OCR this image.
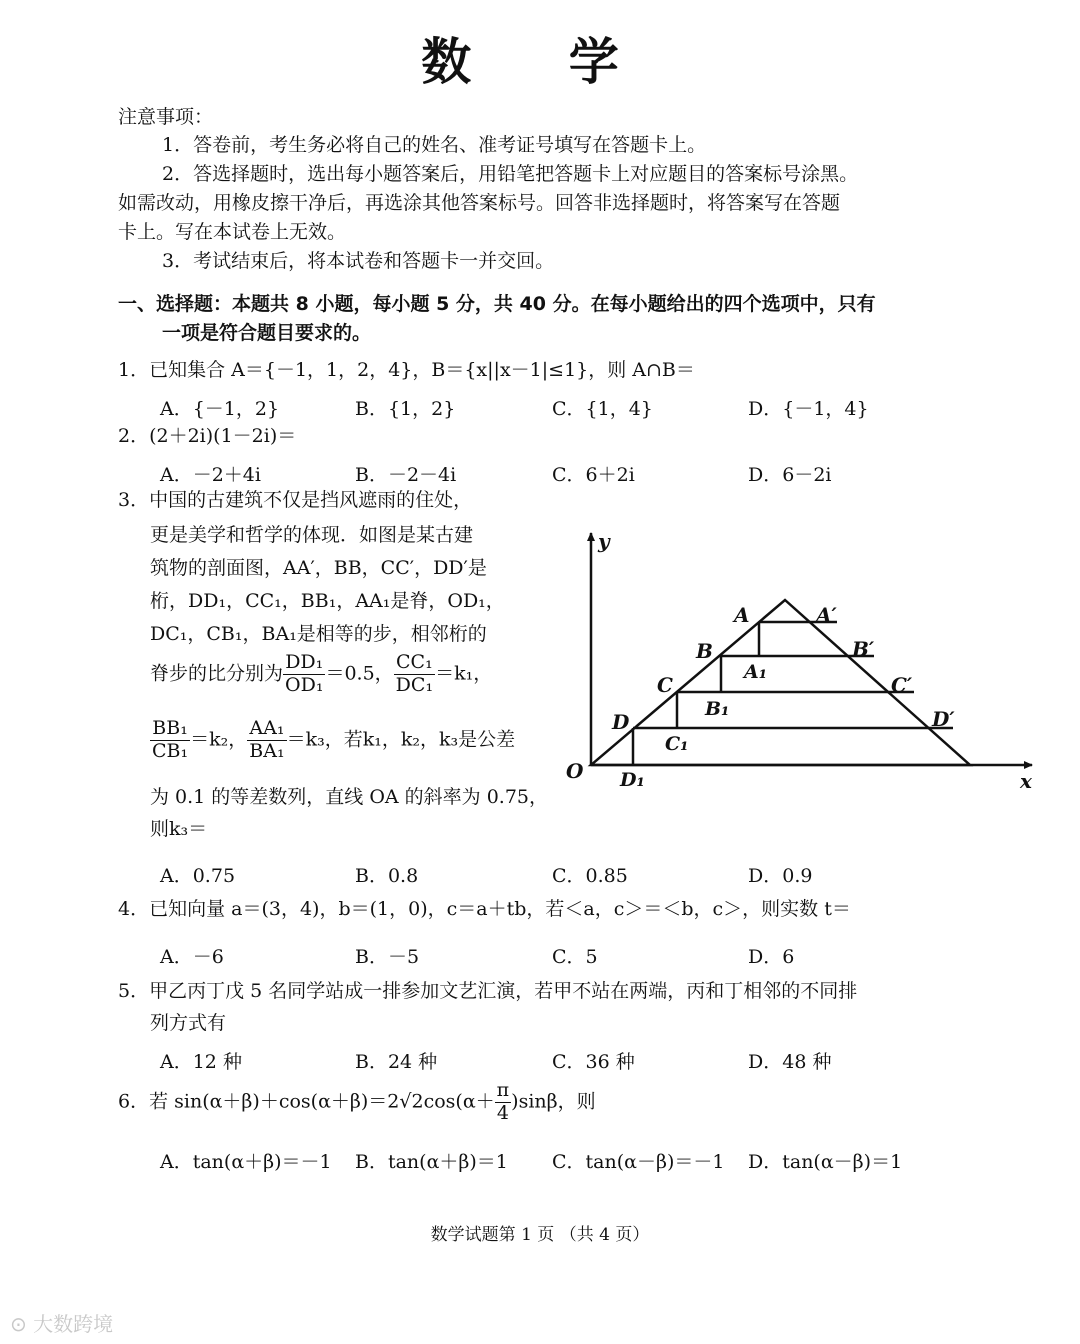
数 学
注意事项：
1．答卷前，考生务必将自己的姓名、准考证号填写在答题卡上。
2．答选择题时，选出每小题答案后，用铅笔把答题卡上对应题目的答案标号涂黑。
如需改动，用橡皮擦干净后，再选涂其他答案标号。回答非选择题时，将答案写在答题
卡上。写在本试卷上无效。
3．考试结束后，将本试卷和答题卡一并交回。
一、选择题：本题共 8 小题，每小题 5 分，共 40 分。在每小题给出的四个选项中，只有
一项是符合题目要求的。
1．已知集合 A＝{－1，1，2，4}，B＝{x||x－1|≤1}，则 A∩B＝
A．{－1，2}	B．{1，2}	C．{1，4}	D．{－1，4}
2．(2＋2i)(1－2i)＝
A．－2＋4i	B．－2－4i	C．6＋2i	D．6－2i
3．中国的古建筑不仅是挡风遮雨的住处，
更是美学和哲学的体现．如图是某古建
筑物的剖面图，AA′，BB，CC′，DD′是
桁，DD₁，CC₁，BB₁，AA₁是脊，OD₁，
DC₁，CB₁，BA₁是相等的步，相邻桁的
脊步的比分别为 $\frac{\text{DD₁}}{\text{OD₁}} =0.5$， $\frac{\text{CC₁}}{\text{DC₁}} =k_1$，
$\frac{\text{BB₁}}{\text{CB₁}} =k_2$， $\frac{\text{AA₁}}{\text{BA₁}} =k_3$，若k₁，k₂，k₃是公差
为 0.1 的等差数列，直线 OA 的斜率为 0.75，
则k₃＝
A．0.75	B．0.8	C．0.85	D．0.9
y
x
O
A	A′
B	B′
A₁
C	C′
B₁
D	D′
C₁
D₁
4．已知向量 a＝(3，4)，b＝(1，0)，c＝a＋tb，若＜a，c＞＝＜b，c＞，则实数 t＝
A．－6	B．－5	C．5	D．6
5．甲乙丙丁戊 5 名同学站成一排参加文艺汇演，若甲不站在两端，丙和丁相邻的不同排
列方式有
A．12 种	B．24 种	C．36 种	D．48 种
6．若 $\sin(\alpha+\beta)+\cos(\alpha+\beta)=2√2\cos(\alpha+ \frac{\pi}{4} )\sin\beta$，则
A．tan(α＋β)＝－1 B．tan(α＋β)＝1 C．tan(α－β)＝－1 D．tan(α－β)＝1
数学试题第 1 页 （共 4 页）
⊙ 大数跨境
